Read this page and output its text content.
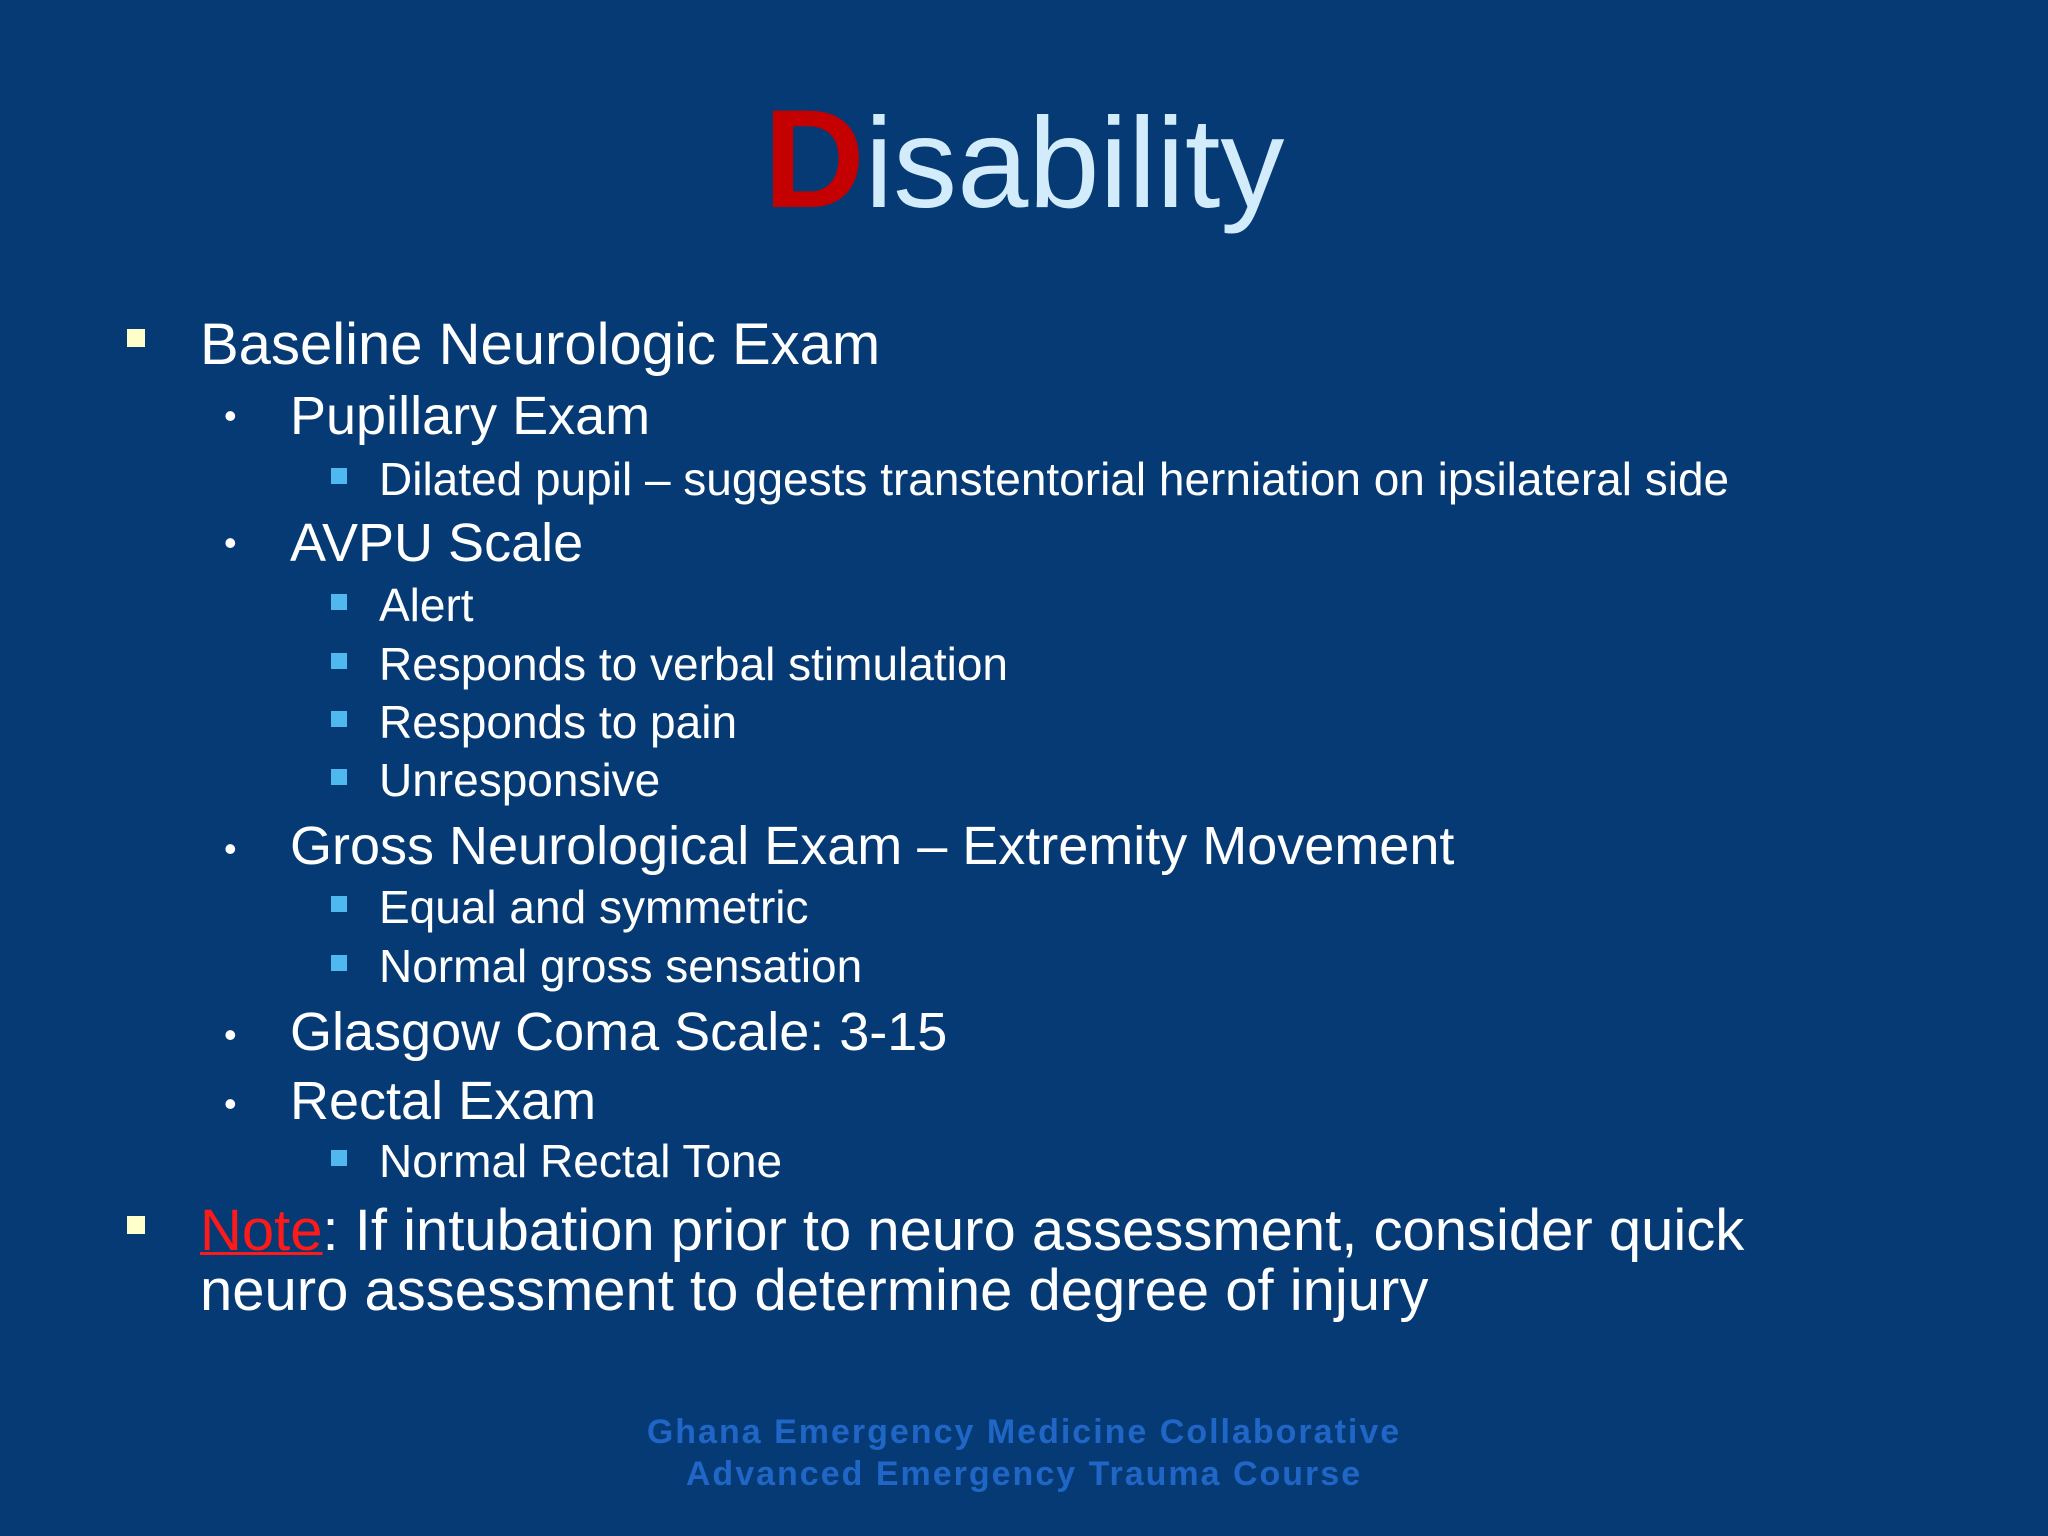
Disability
Baseline Neurologic Exam
• Pupillary Exam
Dilated pupil – suggests transtentorial herniation on ipsilateral side
• AVPU Scale
Alert
Responds to verbal stimulation
Responds to pain
Unresponsive
• Gross Neurological Exam – Extremity Movement
Equal and symmetric
Normal gross sensation
• Glasgow Coma Scale: 3-15
• Rectal Exam
Normal Rectal Tone
Note: If intubation prior to neuro assessment, consider quick
neuro assessment to determine degree of injury
Ghana Emergency Medicine Collaborative
Advanced Emergency Trauma Course
